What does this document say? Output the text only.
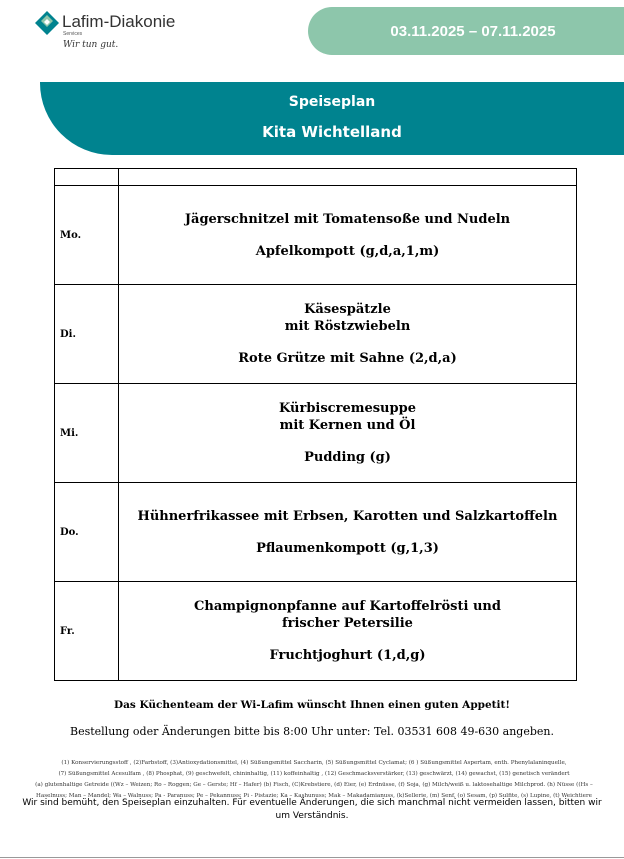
Lafim-Diakonie
Services
Wir tun gut.
03.11.2025 – 07.11.2025
Speiseplan
Kita Wichtelland

Mo.	Jägerschnitzel mit Tomatensoße und Nudeln
Apfelkompott (g,d,a,1,m)

Di.	Käsespätzle
mit Röstzwiebeln
Rote Grütze mit Sahne (2,d,a)

Mi.	Kürbiscremesuppe
mit Kernen und Öl
Pudding (g)

Do.	Hühnerfrikassee mit Erbsen, Karotten und Salzkartoffeln
Pflaumenkompott (g,1,3)

Fr.	Champignonpfanne auf Kartoffelrösti und
frischer Petersilie
Fruchtjoghurt (1,d,g)
Das Küchenteam der Wi-Lafim wünscht Ihnen einen guten Appetit!
Bestellung oder Änderungen bitte bis 8:00 Uhr unter: Tel. 03531 608 49-630 angeben.
(1) Konservierungsstoff , (2)Farbstoff, (3)Antioxydationsmittel, (4) Süßungsmittel Saccharin, (5) Süßungsmittel Cyclamat; (6 ) Süßungsmittel Aspertam, enth. Phenylalaninquelle,
(7) Süßungsmittel Acesulfam , (8) Phosphat, (9) geschwefelt, chininhaltig, (11) koffeinhaltig , (12) Geschmacksverstärker, (13) geschwärzt, (14) gewachst, (15) genetisch verändert
(a) glutenhaltige Getreide ((Wz – Weizen; Ro – Roggen; Ge – Gerste; Hf – Hafer) (b) Fisch, (C)Krebstiere, (d) Eier, (e) Erdnüsse, (f) Soja, (g) Milch/weiß u. laktosehaltige Milchprod. (h) Nüsse ((Hs –
Haselnuss; Man – Mandel; Wa – Walnuss; Pa - Paranuss; Pe – Pekannuss; Pi - Pistazie; Ka – Kashunuss; Mak – Makadamianuss, (k)Sellerie, (m) Senf, (o) Sesam, (p) Sulfite, (s) Lupine, (t) Weichtiere
Wir sind bemüht, den Speiseplan einzuhalten. Für eventuelle Änderungen, die sich manchmal nicht vermeiden lassen, bitten wir um Verständnis.
